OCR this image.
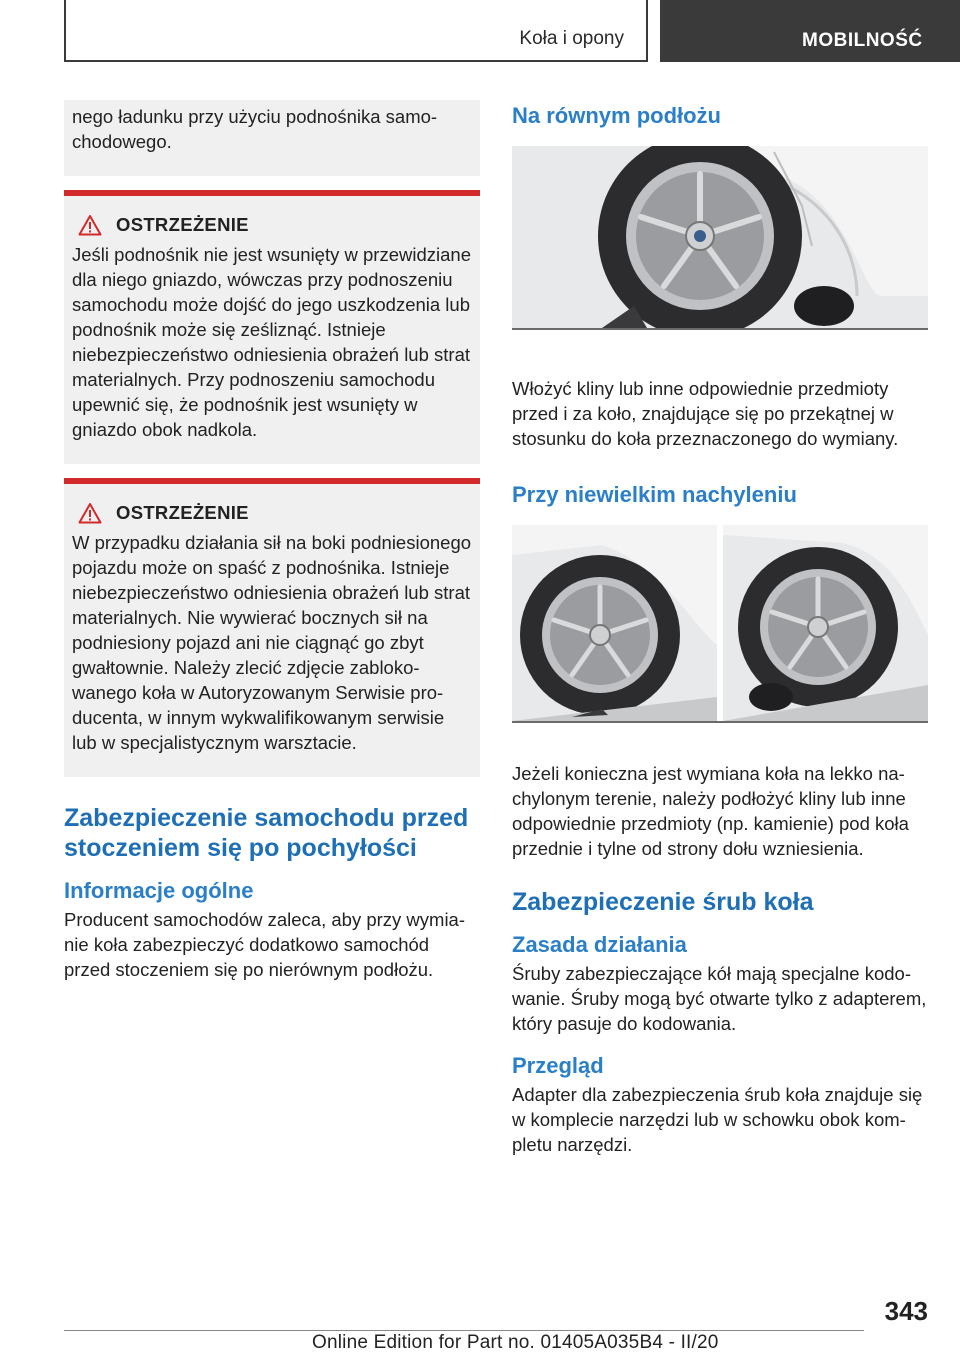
Koła i opony	MOBILNOŚĆ

nego ładunku przy użyciu podnośnika samochodowego.

OSTRZEŻENIE
Jeśli podnośnik nie jest wsunięty w przewidziane dla niego gniazdo, wówczas przy podnoszeniu samochodu może dojść do jego uszkodzenia lub podnośnik może się ześliznąć. Istnieje niebezpieczeństwo odniesienia obrażeń lub strat materialnych. Przy podnoszeniu samochodu upewnić się, że podnośnik jest wsunięty w gniazdo obok nadkola.
OSTRZEŻENIE
W przypadku działania sił na boki podniesionego pojazdu może on spaść z podnośnika. Istnieje niebezpieczeństwo odniesienia obrażeń lub strat materialnych. Nie wywierać bocznych sił na podniesiony pojazd ani nie ciągnąć go zbyt gwałtownie. Należy zlecić zdjęcie zablokowanego koła w Autoryzowanym Serwisie producenta, w innym wykwalifikowanym serwisie lub w specjalistycznym warsztacie.
Zabezpieczenie samochodu przed stoczeniem się po pochyłości
Informacje ogólne

Producent samochodów zaleca, aby przy wymianie koła zabezpieczyć dodatkowo samochód przed stoczeniem się po nierównym podłożu.

Na równym podłożu

Włożyć kliny lub inne odpowiednie przedmioty przed i za koło, znajdujące się po przekątnej w stosunku do koła przeznaczonego do wymiany.

Przy niewielkim nachyleniu

Jeżeli konieczna jest wymiana koła na lekko nachylonym terenie, należy podłożyć kliny lub inne odpowiednie przedmioty (np. kamienie) pod koła przednie i tylne od strony dołu wzniesienia.

Zabezpieczenie śrub koła
Zasada działania

Śruby zabezpieczające kół mają specjalne kodowanie. Śruby mogą być otwarte tylko z adapterem, który pasuje do kodowania.

Przegląd

Adapter dla zabezpieczenia śrub koła znajduje się w komplecie narzędzi lub w schowku obok kompletu narzędzi.

343
Online Edition for Part no. 01405A035B4 - II/20
